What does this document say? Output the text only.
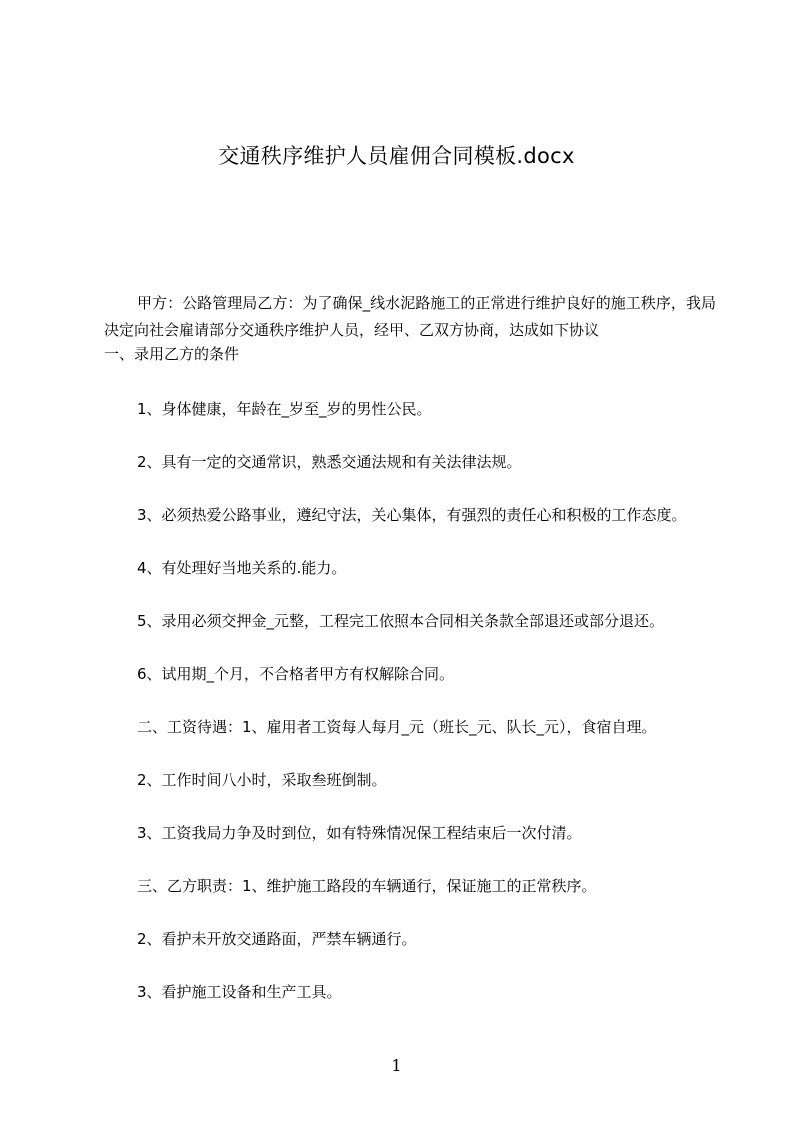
交通秩序维护人员雇佣合同模板.docx
甲方：公路管理局乙方：为了确保_线水泥路施工的正常进行维护良好的施工秩序，我局决定向社会雇请部分交通秩序维护人员，经甲、乙双方协商，达成如下协议
一、录用乙方的条件
1、身体健康，年龄在_岁至_岁的男性公民。
2、具有一定的交通常识，熟悉交通法规和有关法律法规。
3、必须热爱公路事业，遵纪守法，关心集体，有强烈的责任心和积极的工作态度。
4、有处理好当地关系的.能力。
5、录用必须交押金_元整，工程完工依照本合同相关条款全部退还或部分退还。
6、试用期_个月，不合格者甲方有权解除合同。
二、工资待遇：1、雇用者工资每人每月_元（班长_元、队长_元），食宿自理。
2、工作时间八小时，采取叁班倒制。
3、工资我局力争及时到位，如有特殊情况保工程结束后一次付清。
三、乙方职责：1、维护施工路段的车辆通行，保证施工的正常秩序。
2、看护未开放交通路面，严禁车辆通行。
3、看护施工设备和生产工具。
1
